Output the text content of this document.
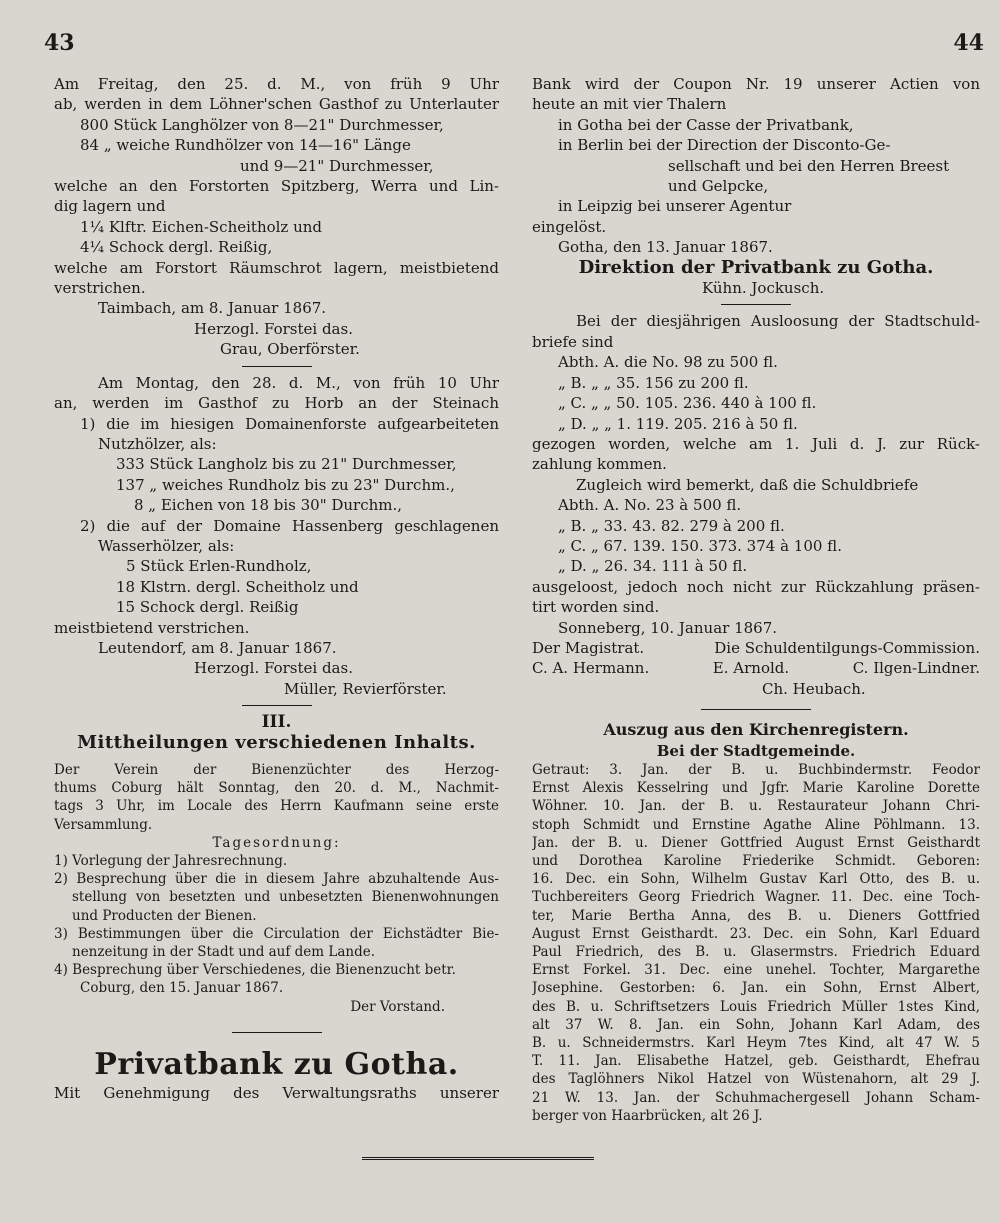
43	44
Am Freitag, den 25. d. M., von früh 9 Uhr
ab, werden in dem Löhner'schen Gasthof zu Unterlauter
800 Stück Langhölzer von 8—21" Durchmesser,
84 „ weiche Rundhölzer von 14—16" Länge
und 9—21" Durchmesser,
welche an den Forstorten Spitzberg, Werra und Lin-
dig lagern und
1¼ Klftr. Eichen-Scheitholz und
4¼ Schock dergl. Reißig,
welche am Forstort Räumschrot lagern, meistbietend
verstrichen.
Taimbach, am 8. Januar 1867.
Herzogl. Forstei das.
Grau, Oberförster.
Am Montag, den 28. d. M., von früh 10 Uhr
an, werden im Gasthof zu Horb an der Steinach
1) die im hiesigen Domainenforste aufgearbeiteten
Nutzhölzer, als:
333 Stück Langholz bis zu 21" Durchmesser,
137 „ weiches Rundholz bis zu 23" Durchm.,
8 „ Eichen von 18 bis 30" Durchm.,
2) die auf der Domaine Hassenberg geschlagenen
Wasserhölzer, als:
5 Stück Erlen-Rundholz,
18 Klstrn. dergl. Scheitholz und
15 Schock dergl. Reißig
meistbietend verstrichen.
Leutendorf, am 8. Januar 1867.
Herzogl. Forstei das.
Müller, Revierförster.
III.
Mittheilungen verschiedenen Inhalts.
Der Verein der Bienenzüchter des Herzog-
thums Coburg hält Sonntag, den 20. d. M., Nachmit-
tags 3 Uhr, im Locale des Herrn Kaufmann seine erste
Versammlung.
Tagesordnung:
1) Vorlegung der Jahresrechnung.
2) Besprechung über die in diesem Jahre abzuhaltende Aus-
stellung von besetzten und unbesetzten Bienenwohnungen
und Producten der Bienen.
3) Bestimmungen über die Circulation der Eichstädter Bie-
nenzeitung in der Stadt und auf dem Lande.
4) Besprechung über Verschiedenes, die Bienenzucht betr.
Coburg, den 15. Januar 1867.
Der Vorstand.
Privatbank zu Gotha.
Mit Genehmigung des Verwaltungsraths unserer
Bank wird der Coupon Nr. 19 unserer Actien von
heute an mit vier Thalern
in Gotha bei der Casse der Privatbank,
in Berlin bei der Direction der Disconto-Ge-
sellschaft und bei den Herren Breest
und Gelpcke,
in Leipzig bei unserer Agentur
eingelöst.
Gotha, den 13. Januar 1867.
Direktion der Privatbank zu Gotha.
Kühn. Jockusch.
Bei der diesjährigen Ausloosung der Stadtschuld-
briefe sind
Abth. A. die No. 98 zu 500 fl.
„ B. „ „ 35. 156 zu 200 fl.
„ C. „ „ 50. 105. 236. 440 à 100 fl.
„ D. „ „ 1. 119. 205. 216 à 50 fl.
gezogen worden, welche am 1. Juli d. J. zur Rück-
zahlung kommen.
Zugleich wird bemerkt, daß die Schuldbriefe
Abth. A. No. 23 à 500 fl.
„ B. „ 33. 43. 82. 279 à 200 fl.
„ C. „ 67. 139. 150. 373. 374 à 100 fl.
„ D. „ 26. 34. 111 à 50 fl.
ausgeloost, jedoch noch nicht zur Rückzahlung präsen-
tirt worden sind.
Sonneberg, 10. Januar 1867.
Der Magistrat.	Die Schuldentilgungs-Commission.
C. A. Hermann.	E. Arnold.	C. Ilgen-Lindner.
Ch. Heubach.
Auszug aus den Kirchenregistern.
Bei der Stadtgemeinde.
Getraut: 3. Jan. der B. u. Buchbindermstr. Feodor
Ernst Alexis Kesselring und Jgfr. Marie Karoline Dorette
Wöhner. 10. Jan. der B. u. Restaurateur Johann Chri-
stoph Schmidt und Ernstine Agathe Aline Pöhlmann. 13.
Jan. der B. u. Diener Gottfried August Ernst Geisthardt
und Dorothea Karoline Friederike Schmidt. Geboren:
16. Dec. ein Sohn, Wilhelm Gustav Karl Otto, des B. u.
Tuchbereiters Georg Friedrich Wagner. 11. Dec. eine Toch-
ter, Marie Bertha Anna, des B. u. Dieners Gottfried
August Ernst Geisthardt. 23. Dec. ein Sohn, Karl Eduard
Paul Friedrich, des B. u. Glasermstrs. Friedrich Eduard
Ernst Forkel. 31. Dec. eine unehel. Tochter, Margarethe
Josephine. Gestorben: 6. Jan. ein Sohn, Ernst Albert,
des B. u. Schriftsetzers Louis Friedrich Müller 1stes Kind,
alt 37 W. 8. Jan. ein Sohn, Johann Karl Adam, des
B. u. Schneidermstrs. Karl Heym 7tes Kind, alt 47 W. 5
T. 11. Jan. Elisabethe Hatzel, geb. Geisthardt, Ehefrau
des Taglöhners Nikol Hatzel von Wüstenahorn, alt 29 J.
21 W. 13. Jan. der Schuhmachergesell Johann Scham-
berger von Haarbrücken, alt 26 J.
